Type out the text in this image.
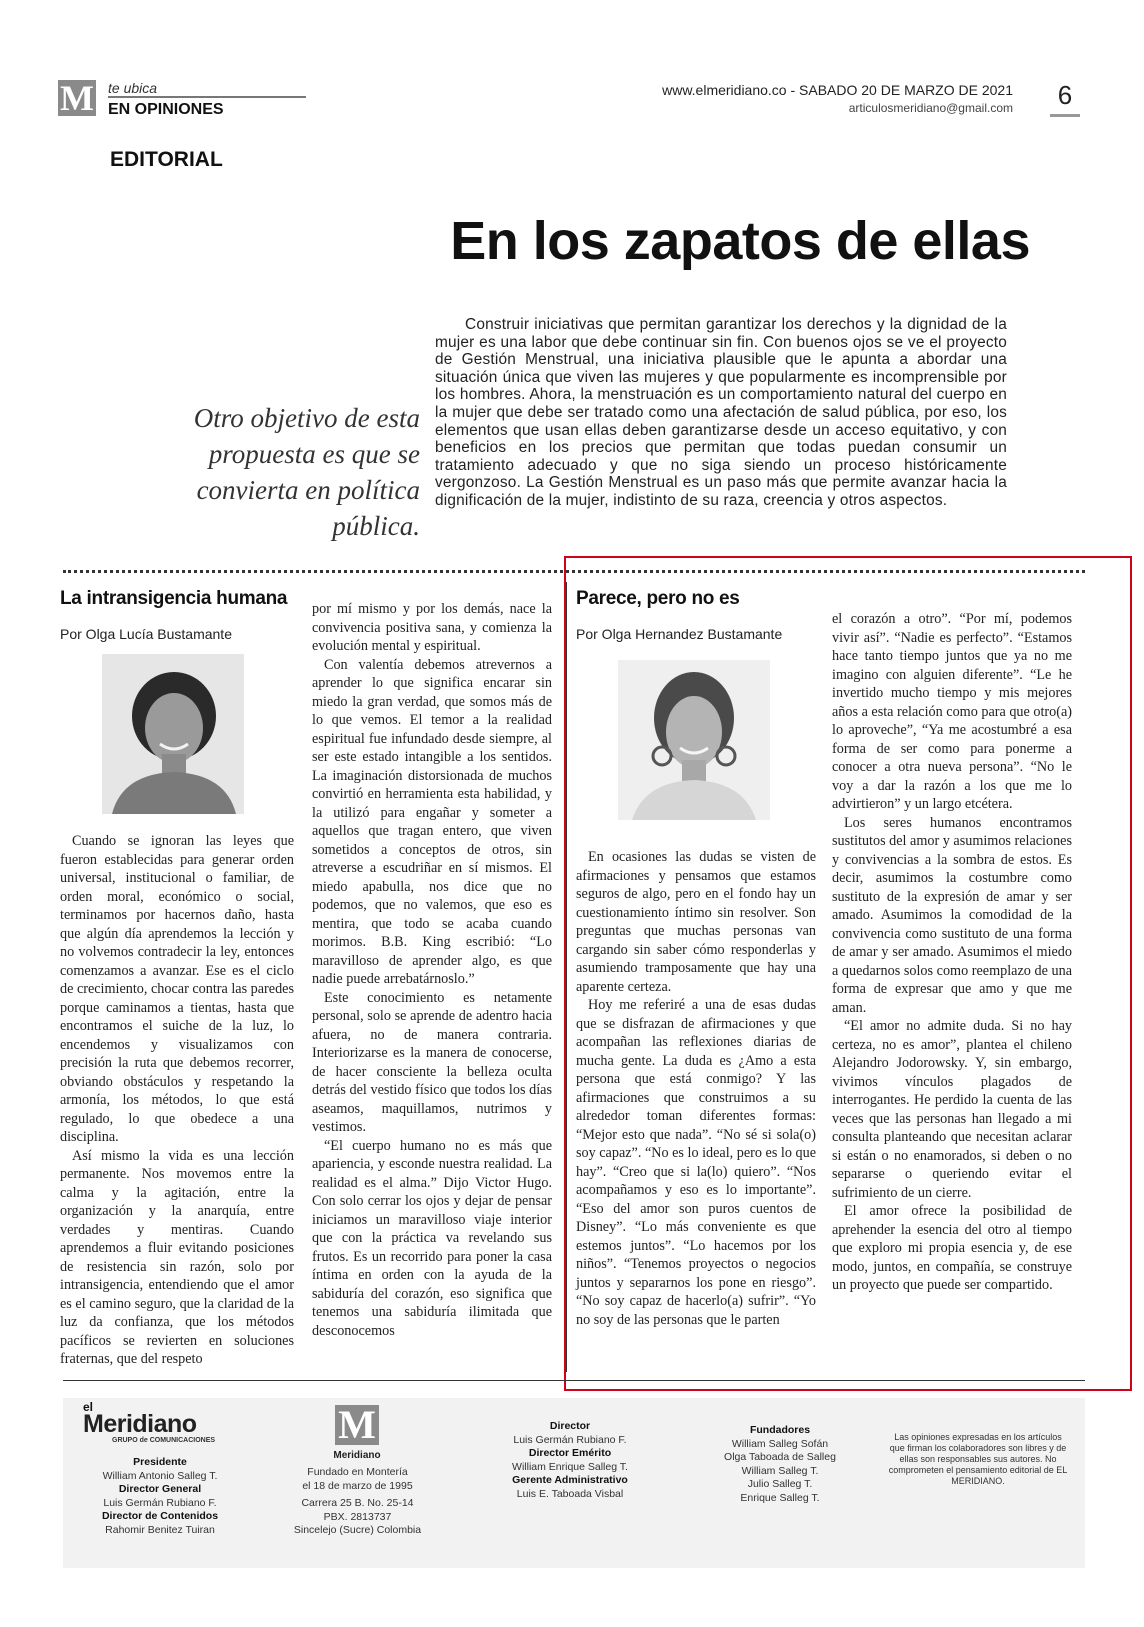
M te ubica
EN OPINIONES
www.elmeridiano.co - SABADO 20 DE MARZO DE 2021
articulosmeridiano@gmail.com 6
EDITORIAL
En los zapatos de ellas
Otro objetivo de esta propuesta es que se convierta en política pública.
Construir iniciativas que permitan garantizar los derechos y la dignidad de la mujer es una labor que debe continuar sin fin. Con buenos ojos se ve el proyecto de Gestión Menstrual, una iniciativa plausible que le apunta a abordar una situación única que viven las mujeres y que popularmente es incomprensible por los hombres. Ahora, la menstruación es un comportamiento natural del cuerpo en la mujer que debe ser tratado como una afectación de salud pública, por eso, los elementos que usan ellas deben garantizarse desde un acceso equitativo, y con beneficios en los precios que permitan que todas puedan consumir un tratamiento adecuado y que no siga siendo un proceso históricamente vergonzoso. La Gestión Menstrual es un paso más que permite avanzar hacia la dignificación de la mujer, indistinto de su raza, creencia y otros aspectos.
La intransigencia humana
Por Olga Lucía Bustamante

Cuando se ignoran las leyes que fueron establecidas para generar orden universal, institucional o familiar, de orden moral, económico o social, terminamos por hacernos daño, hasta que algún día aprendemos la lección y no volvemos contradecir la ley, entonces comenzamos a avanzar. Ese es el ciclo de crecimiento, chocar contra las paredes porque caminamos a tientas, hasta que encontramos el suiche de la luz, lo encendemos y visualizamos con precisión la ruta que debemos recorrer, obviando obstáculos y respetando la armonía, los métodos, lo que está regulado, lo que obedece a una disciplina.

Así mismo la vida es una lección permanente. Nos movemos entre la calma y la agitación, entre la organización y la anarquía, entre verdades y mentiras. Cuando aprendemos a fluir evitando posiciones de resistencia sin razón, solo por intransigencia, entendiendo que el amor es el camino seguro, que la claridad de la luz da confianza, que los métodos pacíficos se revierten en soluciones fraternas, que del respeto

por mí mismo y por los demás, nace la convivencia positiva sana, y comienza la evolución mental y espiritual.

Con valentía debemos atrevernos a aprender lo que significa encarar sin miedo la gran verdad, que somos más de lo que vemos. El temor a la realidad espiritual fue infundado desde siempre, al ser este estado intangible a los sentidos. La imaginación distorsionada de muchos convirtió en herramienta esta habilidad, y la utilizó para engañar y someter a aquellos que tragan entero, que viven sometidos a conceptos de otros, sin atreverse a escudriñar en sí mismos. El miedo apabulla, nos dice que no podemos, que no valemos, que eso es mentira, que todo se acaba cuando morimos. B.B. King escribió: “Lo maravilloso de aprender algo, es que nadie puede arrebatárnoslo.”

Este conocimiento es netamente personal, solo se aprende de adentro hacia afuera, no de manera contraria. Interiorizarse es la manera de conocerse, de hacer consciente la belleza oculta detrás del vestido físico que todos los días aseamos, maquillamos, nutrimos y vestimos.

“El cuerpo humano no es más que apariencia, y esconde nuestra realidad. La realidad es el alma.” Dijo Victor Hugo. Con solo cerrar los ojos y dejar de pensar iniciamos un maravilloso viaje interior que con la práctica va revelando sus frutos. Es un recorrido para poner la casa íntima en orden con la ayuda de la sabiduría del corazón, eso significa que tenemos una sabiduría ilimitada que desconocemos

Parece, pero no es
Por Olga Hernandez Bustamante

En ocasiones las dudas se visten de afirmaciones y pensamos que estamos seguros de algo, pero en el fondo hay un cuestionamiento íntimo sin resolver. Son preguntas que muchas personas van cargando sin saber cómo responderlas y asumiendo tramposamente que hay una aparente certeza.

Hoy me referiré a una de esas dudas que se disfrazan de afirmaciones y que acompañan las reflexiones diarias de mucha gente. La duda es ¿Amo a esta persona que está conmigo? Y las afirmaciones que construimos a su alrededor toman diferentes formas: “Mejor esto que nada”. “No sé si sola(o) soy capaz”. “No es lo ideal, pero es lo que hay”. “Creo que si la(lo) quiero”. “Nos acompañamos y eso es lo importante”. “Eso del amor son puros cuentos de Disney”. “Lo más conveniente es que estemos juntos”. “Lo hacemos por los niños”. “Tenemos proyectos o negocios juntos y separarnos los pone en riesgo”. “No soy capaz de hacerlo(a) sufrir”. “Yo no soy de las personas que le parten

el corazón a otro”. “Por mí, podemos vivir así”. “Nadie es perfecto”. “Estamos hace tanto tiempo juntos que ya no me imagino con alguien diferente”. “Le he invertido mucho tiempo y mis mejores años a esta relación como para que otro(a) lo aproveche”, “Ya me acostumbré a esa forma de ser como para ponerme a conocer a otra nueva persona”. “No le voy a dar la razón a los que me lo advirtieron” y un largo etcétera.

Los seres humanos encontramos sustitutos del amor y asumimos relaciones y convivencias a la sombra de estos. Es decir, asumimos la costumbre como sustituto de la expresión de amar y ser amado. Asumimos la comodidad de la convivencia como sustituto de una forma de amar y ser amado. Asumimos el miedo a quedarnos solos como reemplazo de una forma de expresar que amo y que me aman.

“El amor no admite duda. Si no hay certeza, no es amor”, plantea el chileno Alejandro Jodorowsky. Y, sin embargo, vivimos vínculos plagados de interrogantes. He perdido la cuenta de las veces que las personas han llegado a mi consulta planteando que necesitan aclarar si están o no enamorados, si deben o no separarse o queriendo evitar el sufrimiento de un cierre.

El amor ofrece la posibilidad de aprehender la esencia del otro al tiempo que exploro mi propia esencia y, de ese modo, juntos, en compañía, se construye un proyecto que puede ser compartido.

el
Meridiano
GRUPO de COMUNICACIONES
Presidente
William Antonio Salleg T.
Director General
Luis Germán Rubiano F.
Director de Contenidos
Rahomir Benitez Tuiran
M
Meridiano
Fundado en Montería
el 18 de marzo de 1995
Carrera 25 B. No. 25-14
PBX. 2813737
Sincelejo (Sucre) Colombia
Director
Luis Germán Rubiano F.
Director Emérito
William Enrique Salleg T.
Gerente Administrativo
Luis E. Taboada Visbal
Fundadores
William Salleg Sofán
Olga Taboada de Salleg
William Salleg T.
Julio Salleg T.
Enrique Salleg T.
Las opiniones expresadas en los artículos que firman los colaboradores son libres y de ellas son responsables sus autores. No comprometen el pensamiento editorial de EL MERIDIANO.
